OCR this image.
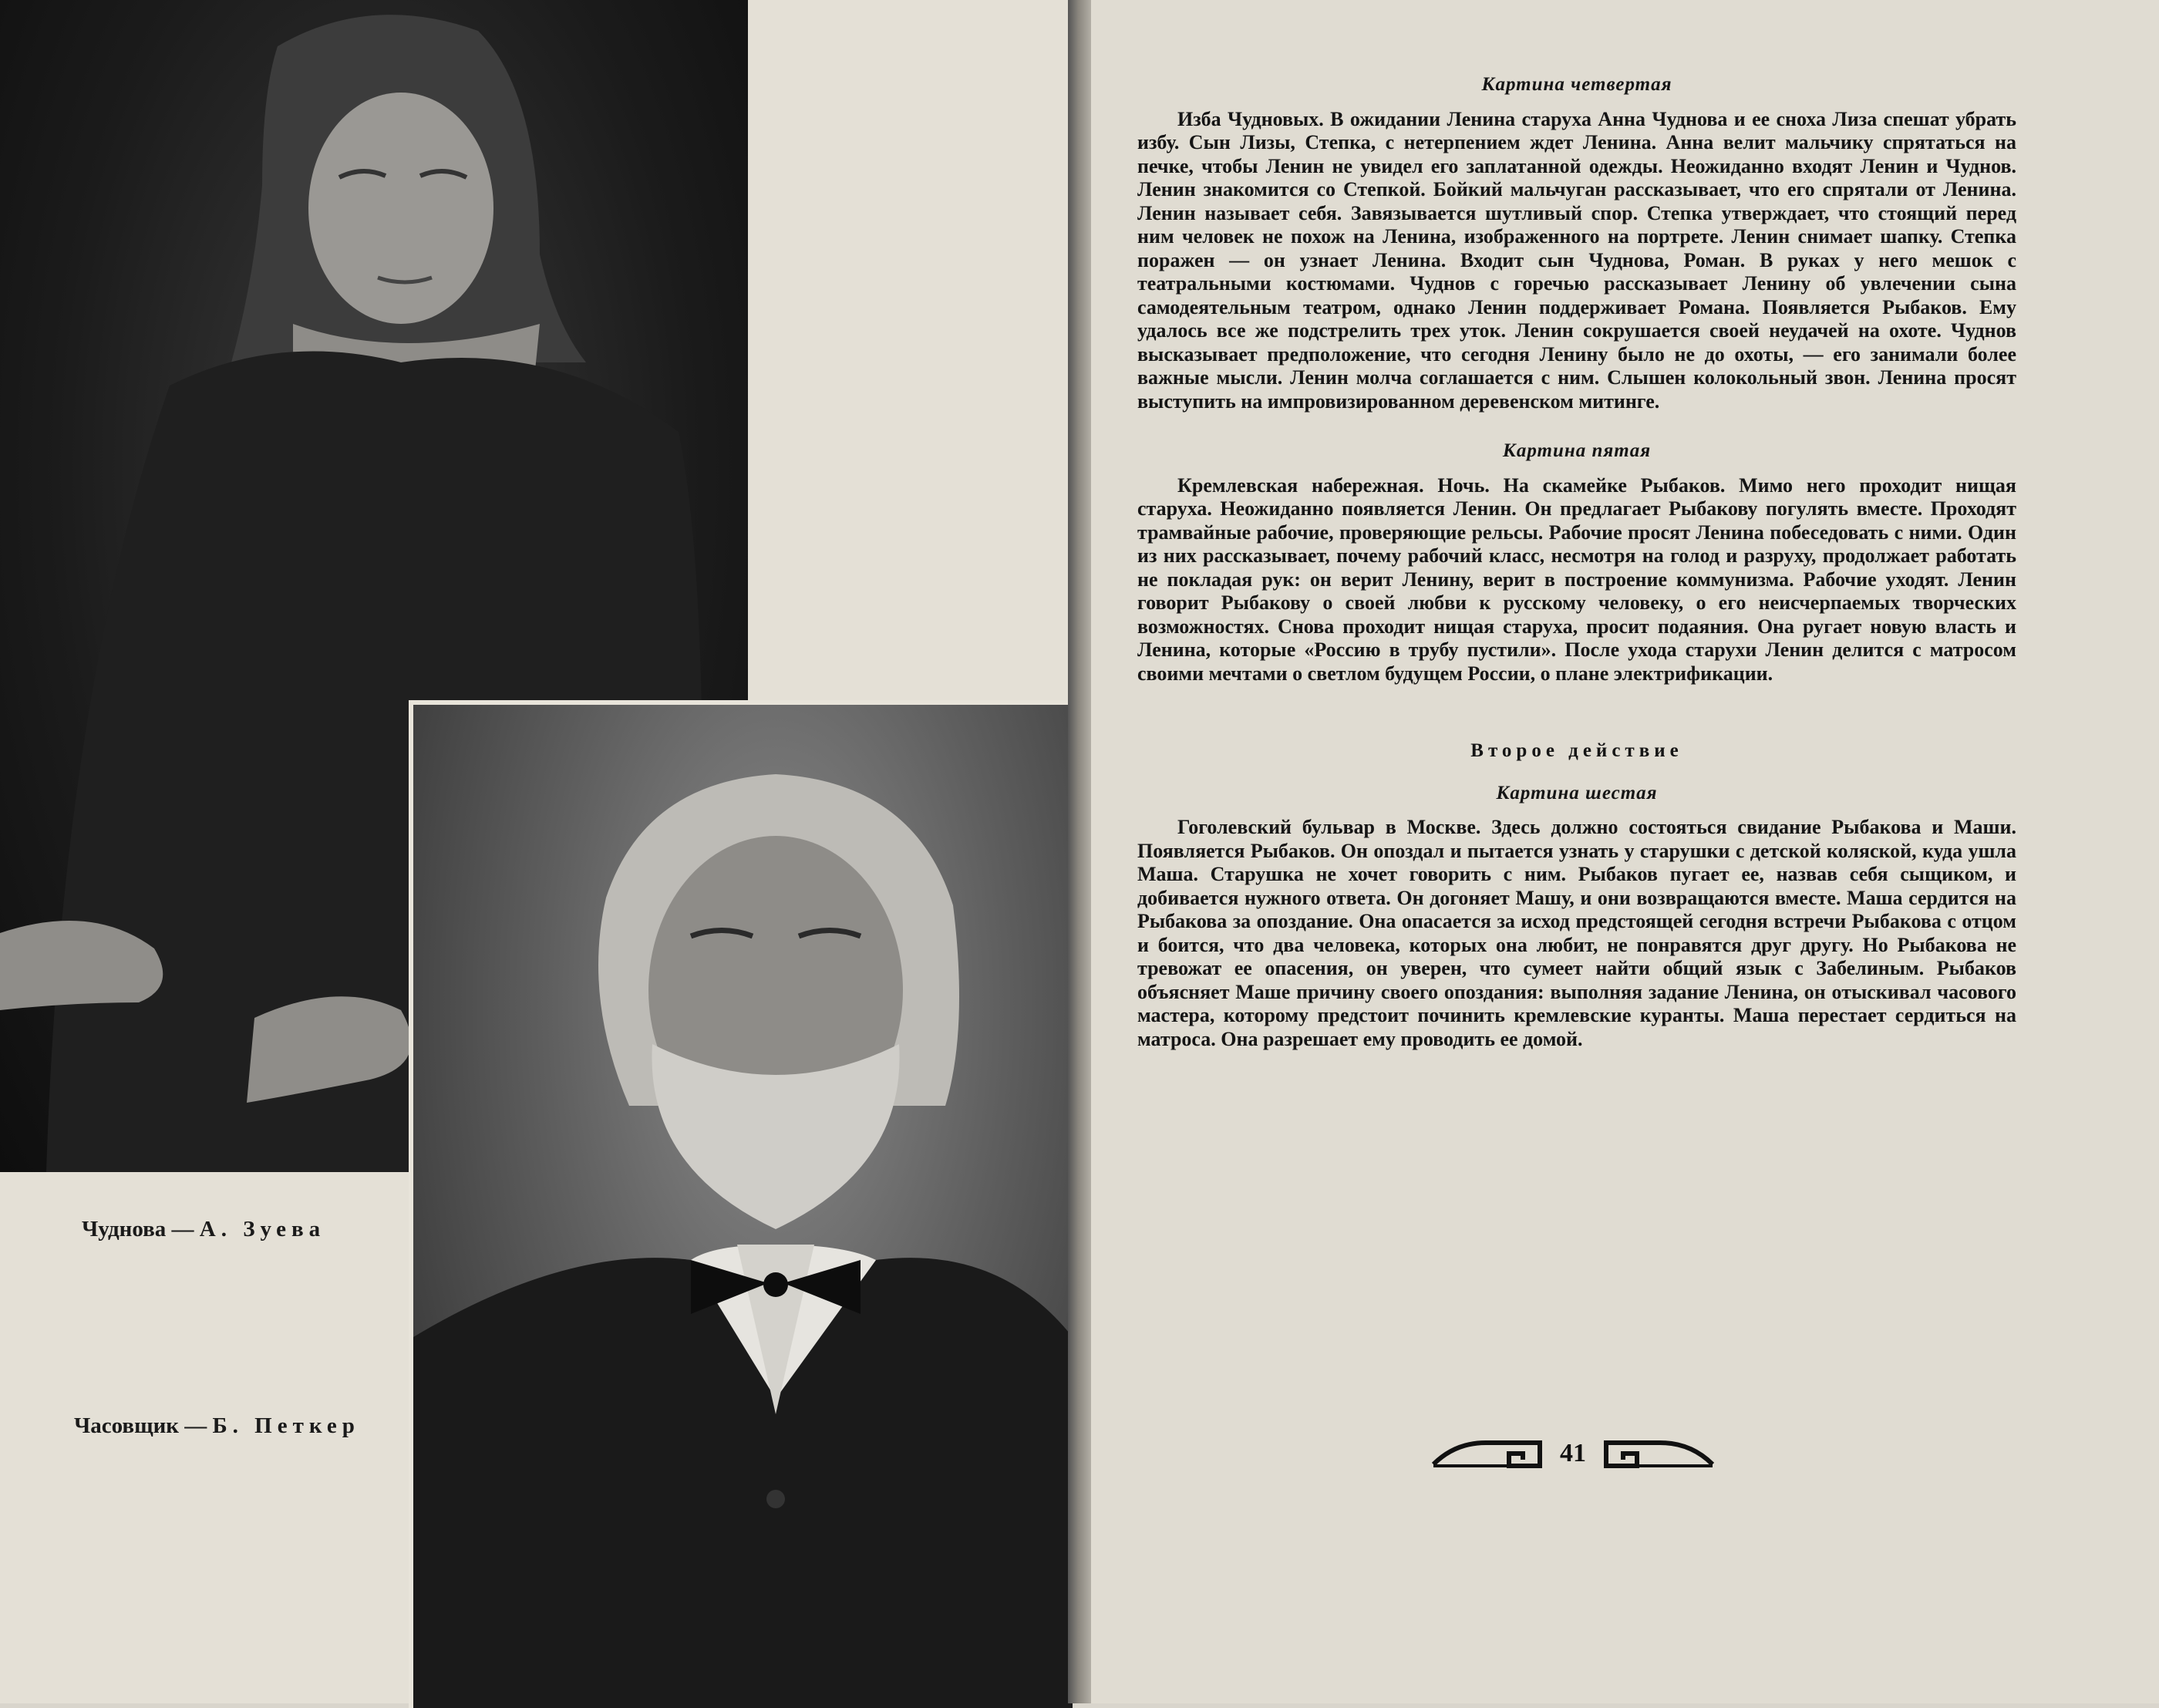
Чуднова — А. Зуева
Часовщик — Б. Петкер
Картина четвертая

Изба Чудновых. В ожидании Ленина старуха Анна Чуднова и ее сноха Лиза спешат убрать избу. Сын Лизы, Степка, с нетерпением ждет Ленина. Анна велит мальчику спрятаться на печке, чтобы Ленин не увидел его заплатанной одежды. Неожиданно входят Ленин и Чуднов. Ленин знакомится со Степкой. Бойкий мальчуган рассказывает, что его спрятали от Ленина. Ленин называет себя. Завязывается шутливый спор. Степка утверждает, что стоящий перед ним человек не похож на Ленина, изображенного на портрете. Ленин снимает шапку. Степка поражен — он узнает Ленина. Входит сын Чуднова, Роман. В руках у него мешок с театральными костюмами. Чуднов с горечью рассказывает Ленину об увлечении сына самодеятельным театром, однако Ленин поддерживает Романа. Появляется Рыбаков. Ему удалось все же подстрелить трех уток. Ленин сокрушается своей неудачей на охоте. Чуднов высказывает предположение, что сегодня Ленину было не до охоты, — его занимали более важные мысли. Ленин молча соглашается с ним. Слышен колокольный звон. Ленина просят выступить на импровизированном деревенском митинге.

Картина пятая

Кремлевская набережная. Ночь. На скамейке Рыбаков. Мимо него проходит нищая старуха. Неожиданно появляется Ленин. Он предлагает Рыбакову погулять вместе. Проходят трамвайные рабочие, проверяющие рельсы. Рабочие просят Ленина побеседовать с ними. Один из них рассказывает, почему рабочий класс, несмотря на голод и разруху, продолжает работать не покладая рук: он верит Ленину, верит в построение коммунизма. Рабочие уходят. Ленин говорит Рыбакову о своей любви к русскому человеку, о его неисчерпаемых творческих возможностях. Снова проходит нищая старуха, просит подаяния. Она ругает новую власть и Ленина, которые «Россию в трубу пустили». После ухода старухи Ленин делится с матросом своими мечтами о светлом будущем России, о плане электрификации.

Второе действие
Картина шестая

Гоголевский бульвар в Москве. Здесь должно состояться свидание Рыбакова и Маши. Появляется Рыбаков. Он опоздал и пытается узнать у старушки с детской коляской, куда ушла Маша. Старушка не хочет говорить с ним. Рыбаков пугает ее, назвав себя сыщиком, и добивается нужного ответа. Он догоняет Машу, и они возвращаются вместе. Маша сердится на Рыбакова за опоздание. Она опасается за исход предстоящей сегодня встречи Рыбакова с отцом и боится, что два человека, которых она любит, не понравятся друг другу. Но Рыбакова не тревожат ее опасения, он уверен, что сумеет найти общий язык с Забелиным. Рыбаков объясняет Маше причину своего опоздания: выполняя задание Ленина, он отыскивал часового мастера, которому предстоит починить кремлевские куранты. Маша перестает сердиться на матроса. Она разрешает ему проводить ее домой.

41
